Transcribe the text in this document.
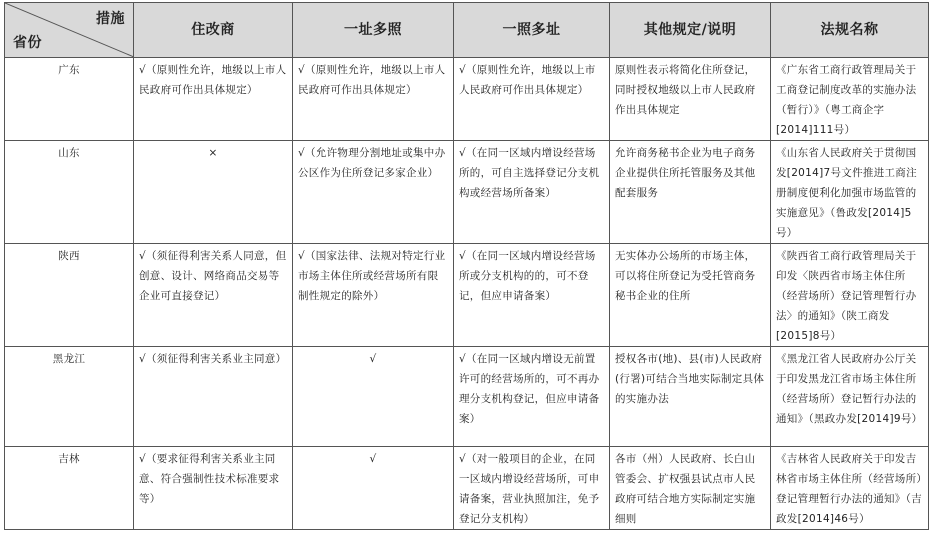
措施
省份	住改商	一址多照	一照多址	其他规定/说明	法规名称
广东	√（原则性允许，地级以上市人民政府可作出具体规定）	√（原则性允许，地级以上市人民政府可作出具体规定）	√（原则性允许，地级以上市人民政府可作出具体规定）	原则性表示将简化住所登记，同时授权地级以上市人民政府作出具体规定	《广东省工商行政管理局关于工商登记制度改革的实施办法（暂行）》（粤工商企字[2014]111号）
山东	×	√（允许物理分割地址或集中办公区作为住所登记多家企业）	√（在同一区域内增设经营场所的，可自主选择登记分支机构或经营场所备案）	允许商务秘书企业为电子商务企业提供住所托管服务及其他配套服务	《山东省人民政府关于贯彻国发[2014]7号文件推进工商注册制度便利化加强市场监管的实施意见》（鲁政发[2014]5号）
陕西	√（须征得利害关系人同意，但创意、设计、网络商品交易等企业可直接登记）	√（国家法律、法规对特定行业市场主体住所或经营场所有限制性规定的除外）	√（在同一区域内增设经营场所或分支机构的的，可不登记，但应申请备案）	无实体办公场所的市场主体，可以将住所登记为受托管商务秘书企业的住所	《陕西省工商行政管理局关于印发〈陕西省市场主体住所（经营场所）登记管理暂行办法〉的通知》（陕工商发[2015]8号）
黑龙江	√（须征得利害关系业主同意）	√	√（在同一区域内增设无前置许可的经营场所的，可不再办理分支机构登记，但应申请备案）	授权各市(地)、县(市)人民政府(行署)可结合当地实际制定具体的实施办法	《黑龙江省人民政府办公厅关于印发黑龙江省市场主体住所（经营场所）登记暂行办法的通知》（黑政办发[2014]9号）
吉林	√（要求征得利害关系业主同意、符合强制性技术标准要求等）	√	√（对一般项目的企业，在同一区域内增设经营场所，可申请备案，营业执照加注，免予登记分支机构）	各市（州）人民政府、长白山管委会、扩权强县试点市人民政府可结合地方实际制定实施细则	《吉林省人民政府关于印发吉林省市场主体住所（经营场所）登记管理暂行办法的通知》（吉政发[2014]46号）
